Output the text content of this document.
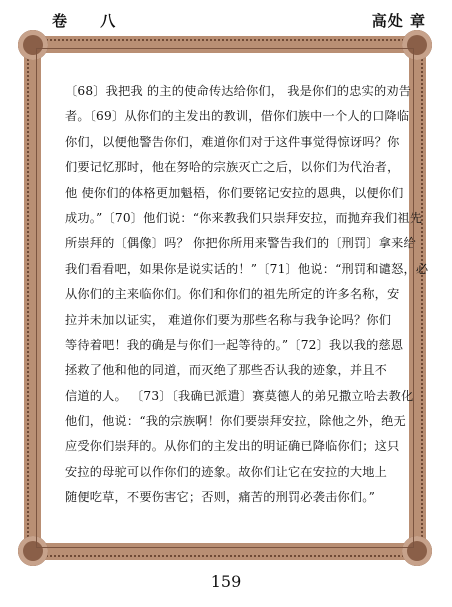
卷 八	高处 章
〔68〕我把我 的主的使命传达给你们， 我是你们的忠实的劝告
者。〔69〕从你们的主发出的教训，借你们族中一个人的口降临
你们，以便他警告你们，难道你们对于这件事觉得惊讶吗？你
们要记忆那时，他在努哈的宗族灭亡之后，以你们为代治者，
他 使你们的体格更加魁梧，你们要铭记安拉的恩典，以便你们
成功。”〔70〕他们说：“你来教我们只崇拜安拉，而抛弃我们祖先
所崇拜的〔偶像〕吗？ 你把你所用来警告我们的〔刑罚〕拿来给
我们看看吧，如果你是说实话的！”〔71〕他说：“刑罚和谴怒，必
从你们的主来临你们。你们和你们的祖先所定的许多名称，安
拉并未加以证实， 难道你们要为那些名称与我争论吗？你们
等待着吧！我的确是与你们一起等待的。”〔72〕我以我的慈恩
拯救了他和他的同道，而灭绝了那些否认我的迹象，并且不
信道的人。 〔73〕〔我确已派遣〕赛莫德人的弟兄撒立哈去教化
他们，他说：“我的宗族啊！你们要崇拜安拉，除他之外，绝无
应受你们崇拜的。从你们的主发出的明证确已降临你们；这只
安拉的母驼可以作你们的迹象。故你们让它在安拉的大地上
随便吃草，不要伤害它；否则，痛苦的刑罚必袭击你们。”
159
